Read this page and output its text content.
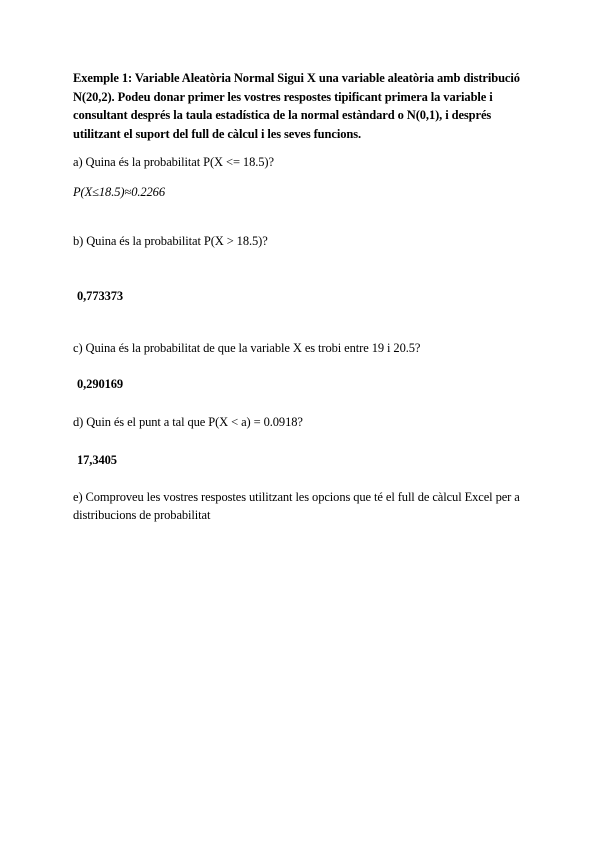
Exemple 1: Variable Aleatòria Normal Sigui X una variable aleatòria amb distribució N(20,2). Podeu donar primer les vostres respostes tipificant primera la variable i consultant després la taula estadística de la normal estàndard o N(0,1), i després utilitzant el suport del full de càlcul i les seves funcions.
a) Quina és la probabilitat P(X <= 18.5)?
P(X≤18.5)≈0.2266
b) Quina és la probabilitat P(X > 18.5)?
0,773373
c) Quina és la probabilitat de que la variable X es trobi entre 19 i 20.5?
0,290169
d) Quin és el punt a tal que P(X < a) = 0.0918?
17,3405
e) Comproveu les vostres respostes utilitzant les opcions que té el full de càlcul Excel per a distribucions de probabilitat
